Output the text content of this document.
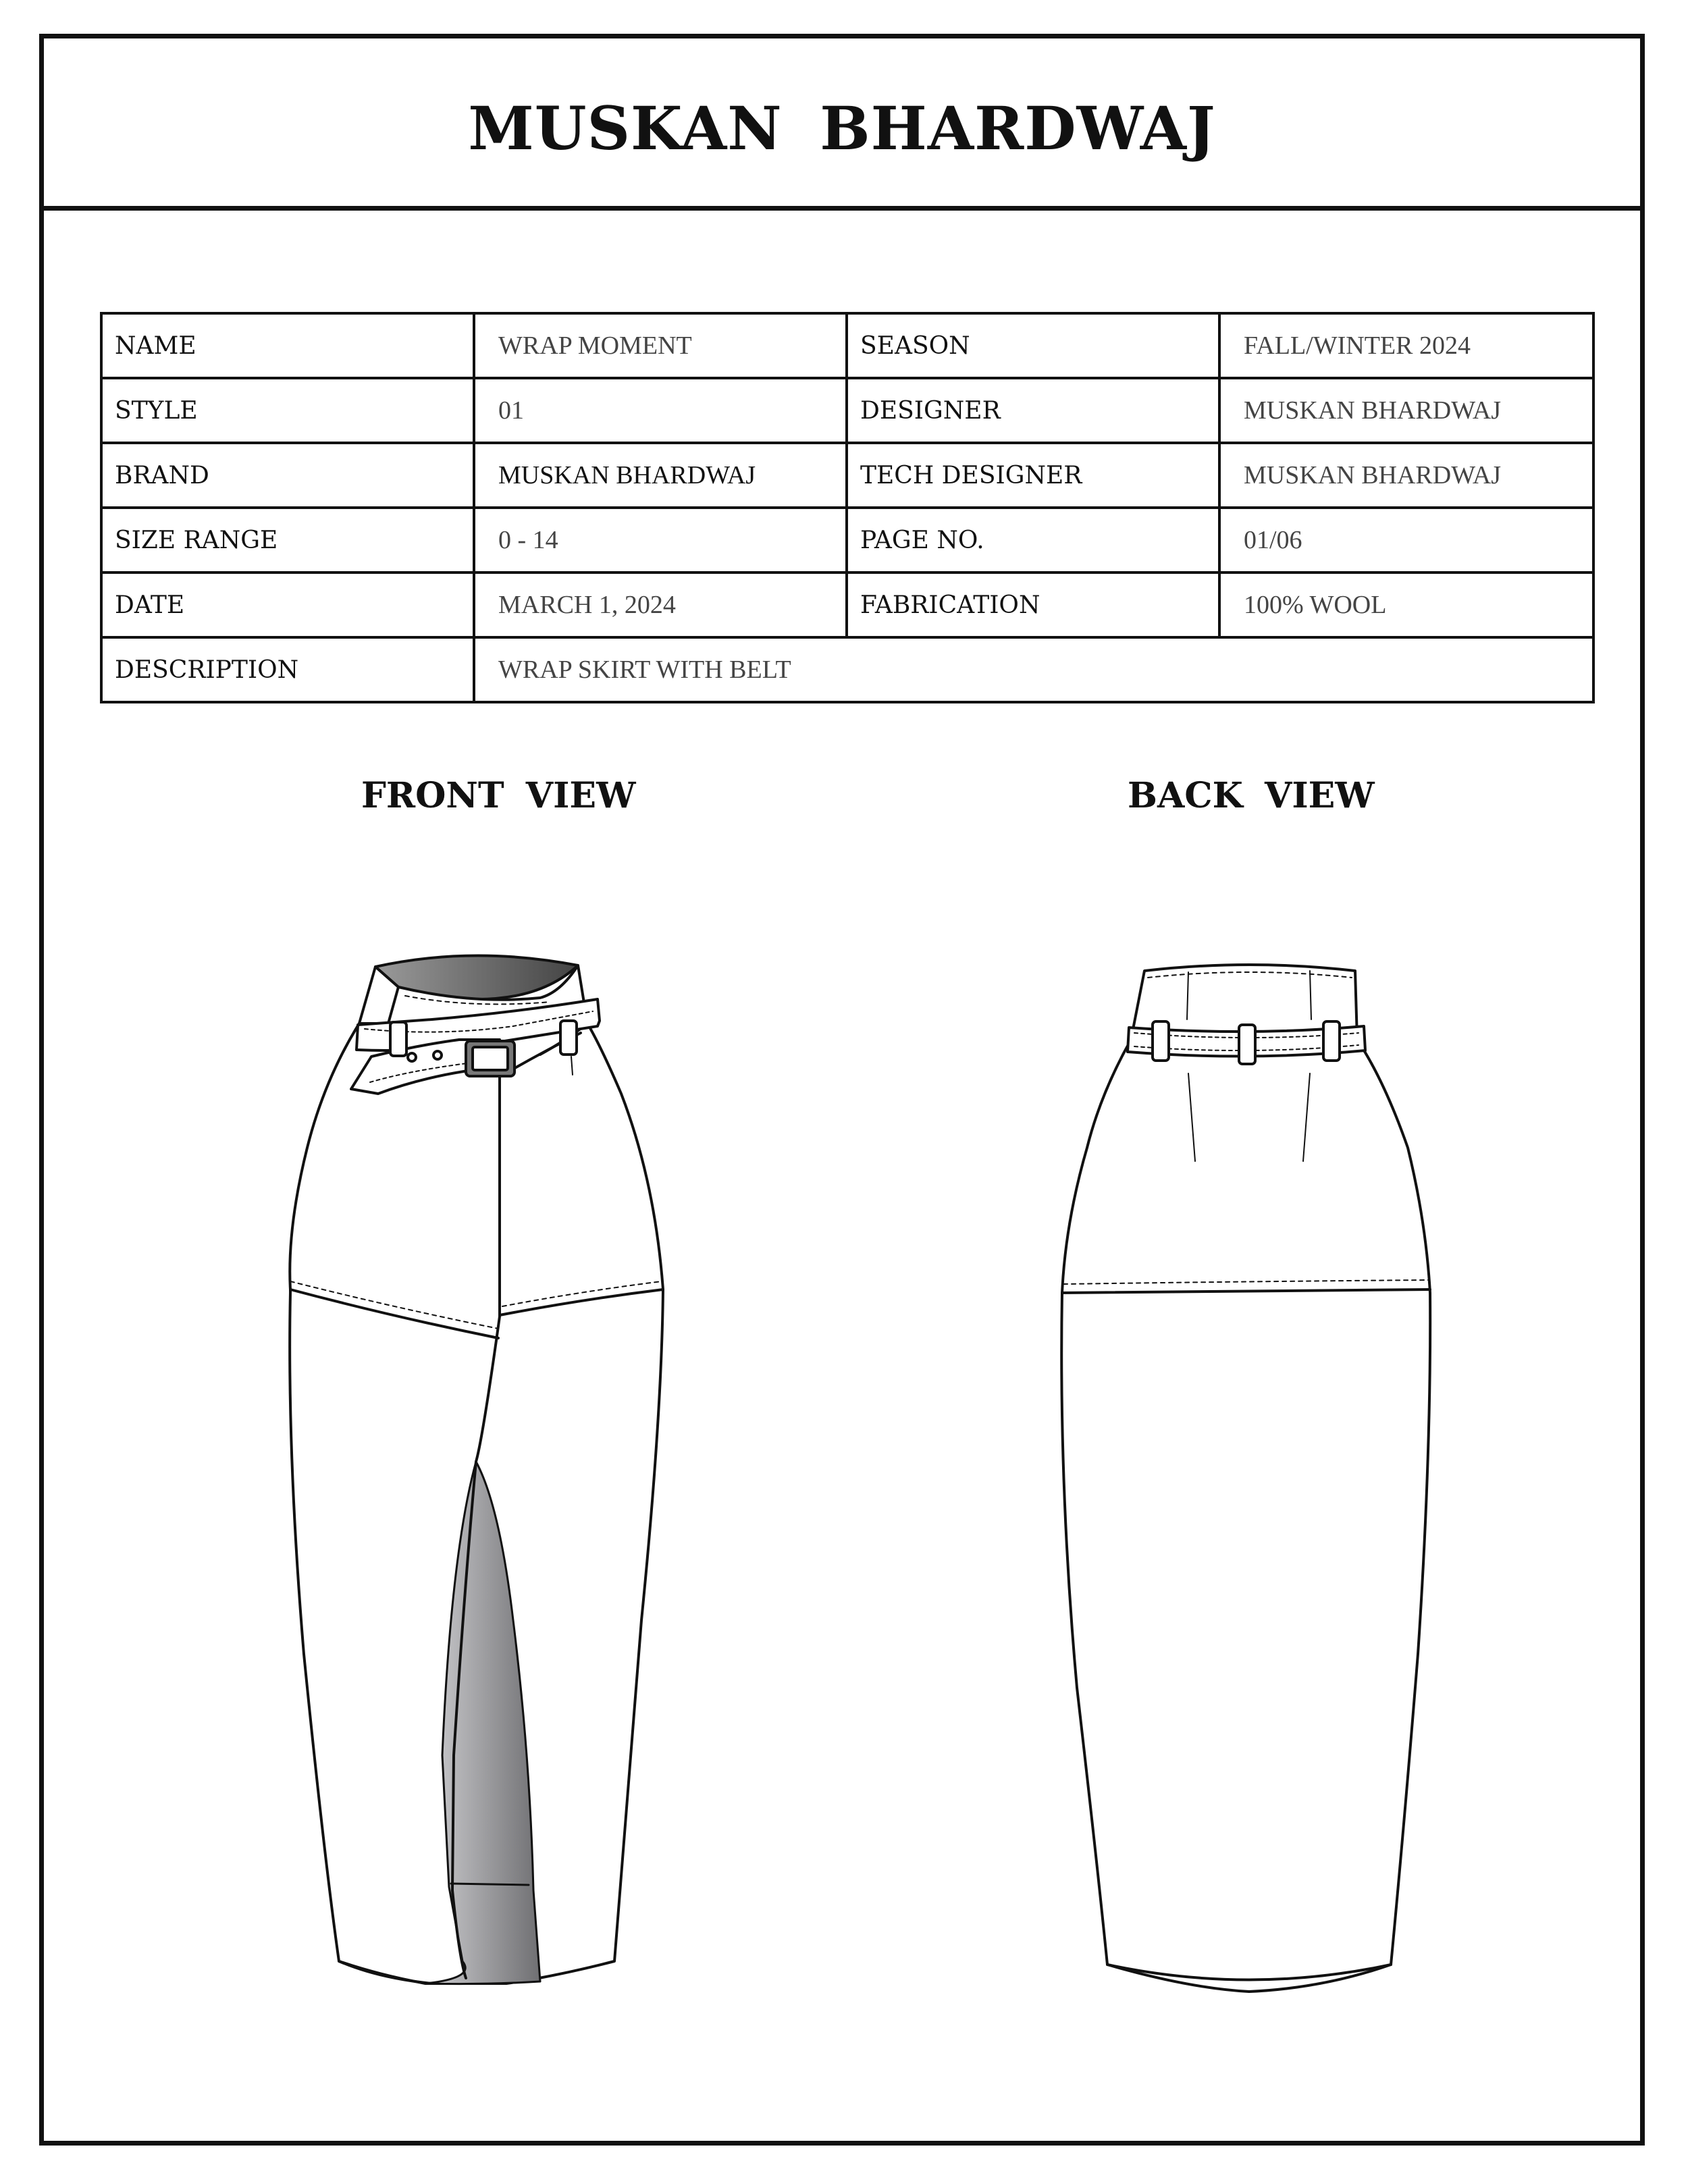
MUSKAN BHARDWAJ
NAME	WRAP MOMENT	SEASON	FALL/WINTER 2024
STYLE	01	DESIGNER	MUSKAN BHARDWAJ
BRAND	MUSKAN BHARDWAJ	TECH DESIGNER	MUSKAN BHARDWAJ
SIZE RANGE	0 - 14	PAGE NO.	01/06
DATE	MARCH 1, 2024	FABRICATION	100% WOOL
DESCRIPTION	WRAP SKIRT WITH BELT		
FRONT VIEW	BACK VIEW
